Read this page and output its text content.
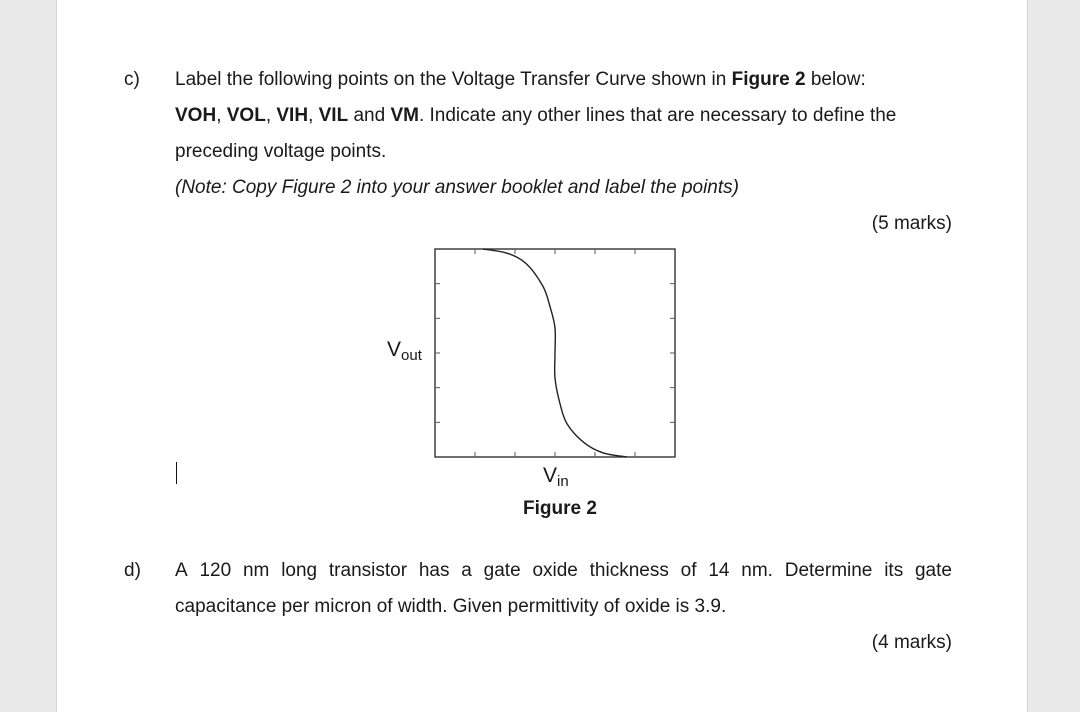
c) Label the following points on the Voltage Transfer Curve shown in Figure 2 below:
VOH, VOL, VIH, VIL and VM. Indicate any other lines that are necessary to define the
preceding voltage points.
(Note: Copy Figure 2 into your answer booklet and label the points)
(5 marks)
$V_{out}$
$V_{in}$
Figure 2
d) A 120 nm long transistor has a gate oxide thickness of 14 nm. Determine its gate
capacitance per micron of width. Given permittivity of oxide is 3.9.
(4 marks)
